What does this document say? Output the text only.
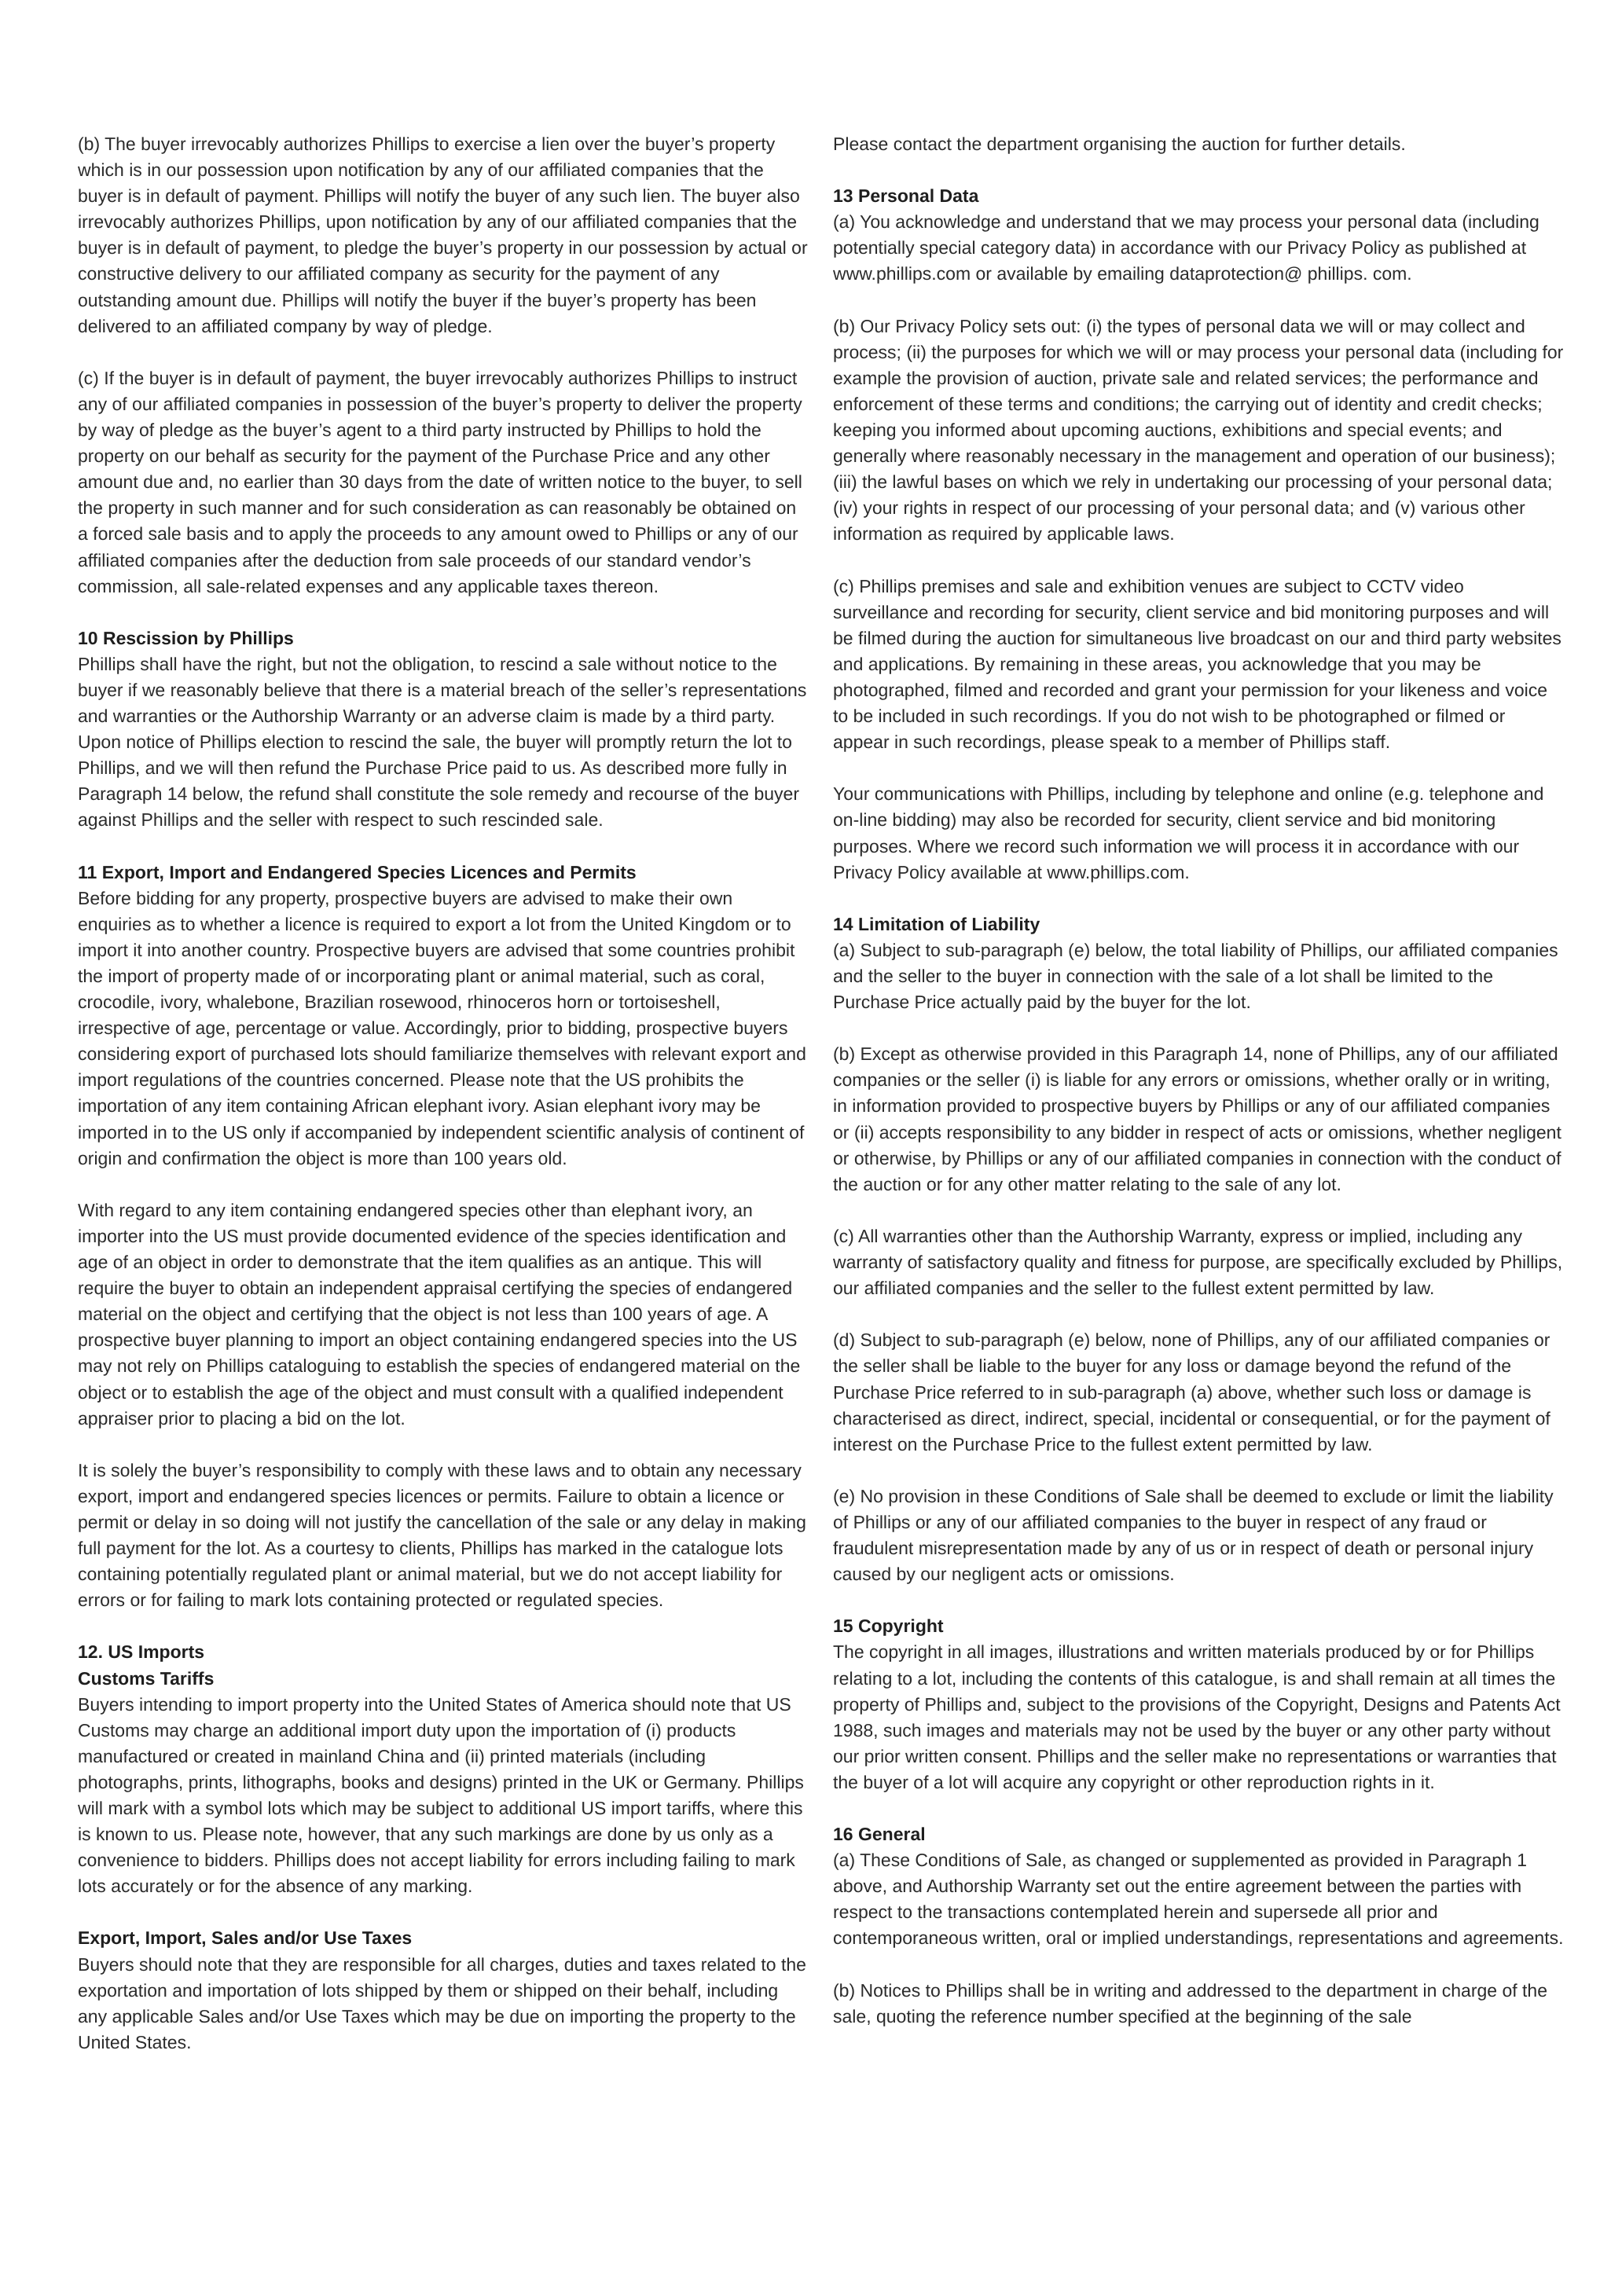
(b) The buyer irrevocably authorizes Phillips to exercise a lien over the buyer’s property which is in our possession upon notification by any of our affiliated companies that the buyer is in default of payment. Phillips will notify the buyer of any such lien. The buyer also irrevocably authorizes Phillips, upon notification by any of our affiliated companies that the buyer is in default of payment, to pledge the buyer’s property in our possession by actual or constructive delivery to our affiliated company as security for the payment of any outstanding amount due. Phillips will notify the buyer if the buyer’s property has been delivered to an affiliated company by way of pledge.

(c) If the buyer is in default of payment, the buyer irrevocably authorizes Phillips to instruct any of our affiliated companies in possession of the buyer’s property to deliver the property by way of pledge as the buyer’s agent to a third party instructed by Phillips to hold the property on our behalf as security for the payment of the Purchase Price and any other amount due and, no earlier than 30 days from the date of written notice to the buyer, to sell the property in such manner and for such consideration as can reasonably be obtained on a forced sale basis and to apply the proceeds to any amount owed to Phillips or any of our affiliated companies after the deduction from sale proceeds of our standard vendor’s commission, all sale-related expenses and any applicable taxes thereon.

10 Rescission by Phillips

Phillips shall have the right, but not the obligation, to rescind a sale without notice to the buyer if we reasonably believe that there is a material breach of the seller’s representations and warranties or the Authorship Warranty or an adverse claim is made by a third party. Upon notice of Phillips election to rescind the sale, the buyer will promptly return the lot to Phillips, and we will then refund the Purchase Price paid to us. As described more fully in Paragraph 14 below, the refund shall constitute the sole remedy and recourse of the buyer against Phillips and the seller with respect to such rescinded sale.

11 Export, Import and Endangered Species Licences and Permits

Before bidding for any property, prospective buyers are advised to make their own enquiries as to whether a licence is required to export a lot from the United Kingdom or to import it into another country. Prospective buyers are advised that some countries prohibit the import of property made of or incorporating plant or animal material, such as coral, crocodile, ivory, whalebone, Brazilian rosewood, rhinoceros horn or tortoiseshell, irrespective of age, percentage or value. Accordingly, prior to bidding, prospective buyers considering export of purchased lots should familiarize themselves with relevant export and import regulations of the countries concerned. Please note that the US prohibits the importation of any item containing African elephant ivory. Asian elephant ivory may be imported in to the US only if accompanied by independent scientific analysis of continent of origin and confirmation the object is more than 100 years old.

With regard to any item containing endangered species other than elephant ivory, an importer into the US must provide documented evidence of the species identification and age of an object in order to demonstrate that the item qualifies as an antique. This will require the buyer to obtain an independent appraisal certifying the species of endangered material on the object and certifying that the object is not less than 100 years of age. A prospective buyer planning to import an object containing endangered species into the US may not rely on Phillips cataloguing to establish the species of endangered material on the object or to establish the age of the object and must consult with a qualified independent appraiser prior to placing a bid on the lot.

It is solely the buyer’s responsibility to comply with these laws and to obtain any necessary export, import and endangered species licences or permits. Failure to obtain a licence or permit or delay in so doing will not justify the cancellation of the sale or any delay in making full payment for the lot. As a courtesy to clients, Phillips has marked in the catalogue lots containing potentially regulated plant or animal material, but we do not accept liability for errors or for failing to mark lots containing protected or regulated species.

12. US Imports

Customs Tariffs

Buyers intending to import property into the United States of America should note that US Customs may charge an additional import duty upon the importation of (i) products manufactured or created in mainland China and (ii) printed materials (including photographs, prints, lithographs, books and designs) printed in the UK or Germany. Phillips will mark with a symbol lots which may be subject to additional US import tariffs, where this is known to us. Please note, however, that any such markings are done by us only as a convenience to bidders. Phillips does not accept liability for errors including failing to mark lots accurately or for the absence of any marking.

Export, Import, Sales and/or Use Taxes

Buyers should note that they are responsible for all charges, duties and taxes related to the exportation and importation of lots shipped by them or shipped on their behalf, including any applicable Sales and/or Use Taxes which may be due on importing the property to the United States.

Please contact the department organising the auction for further details.

13 Personal Data

(a) You acknowledge and understand that we may process your personal data (including potentially special category data) in accordance with our Privacy Policy as published at www.phillips.com or available by emailing dataprotection@ phillips. com.

(b) Our Privacy Policy sets out: (i) the types of personal data we will or may collect and process; (ii) the purposes for which we will or may process your personal data (including for example the provision of auction, private sale and related services; the performance and enforcement of these terms and conditions; the carrying out of identity and credit checks; keeping you informed about upcoming auctions, exhibitions and special events; and generally where reasonably necessary in the management and operation of our business); (iii) the lawful bases on which we rely in undertaking our processing of your personal data; (iv) your rights in respect of our processing of your personal data; and (v) various other information as required by applicable laws.

(c) Phillips premises and sale and exhibition venues are subject to CCTV video surveillance and recording for security, client service and bid monitoring purposes and will be filmed during the auction for simultaneous live broadcast on our and third party websites and applications. By remaining in these areas, you acknowledge that you may be photographed, filmed and recorded and grant your permission for your likeness and voice to be included in such recordings. If you do not wish to be photographed or filmed or appear in such recordings, please speak to a member of Phillips staff.

Your communications with Phillips, including by telephone and online (e.g. telephone and on-line bidding) may also be recorded for security, client service and bid monitoring purposes. Where we record such information we will process it in accordance with our Privacy Policy available at www.phillips.com.

14 Limitation of Liability

(a) Subject to sub-paragraph (e) below, the total liability of Phillips, our affiliated companies and the seller to the buyer in connection with the sale of a lot shall be limited to the Purchase Price actually paid by the buyer for the lot.

(b) Except as otherwise provided in this Paragraph 14, none of Phillips, any of our affiliated companies or the seller (i) is liable for any errors or omissions, whether orally or in writing, in information provided to prospective buyers by Phillips or any of our affiliated companies or (ii) accepts responsibility to any bidder in respect of acts or omissions, whether negligent or otherwise, by Phillips or any of our affiliated companies in connection with the conduct of the auction or for any other matter relating to the sale of any lot.

(c) All warranties other than the Authorship Warranty, express or implied, including any warranty of satisfactory quality and fitness for purpose, are specifically excluded by Phillips, our affiliated companies and the seller to the fullest extent permitted by law.

(d) Subject to sub-paragraph (e) below, none of Phillips, any of our affiliated companies or the seller shall be liable to the buyer for any loss or damage beyond the refund of the Purchase Price referred to in sub-paragraph (a) above, whether such loss or damage is characterised as direct, indirect, special, incidental or consequential, or for the payment of interest on the Purchase Price to the fullest extent permitted by law.

(e) No provision in these Conditions of Sale shall be deemed to exclude or limit the liability of Phillips or any of our affiliated companies to the buyer in respect of any fraud or fraudulent misrepresentation made by any of us or in respect of death or personal injury caused by our negligent acts or omissions.

15 Copyright

The copyright in all images, illustrations and written materials produced by or for Phillips relating to a lot, including the contents of this catalogue, is and shall remain at all times the property of Phillips and, subject to the provisions of the Copyright, Designs and Patents Act 1988, such images and materials may not be used by the buyer or any other party without our prior written consent. Phillips and the seller make no representations or warranties that the buyer of a lot will acquire any copyright or other reproduction rights in it.

16 General

(a) These Conditions of Sale, as changed or supplemented as provided in Paragraph 1 above, and Authorship Warranty set out the entire agreement between the parties with respect to the transactions contemplated herein and supersede all prior and contemporaneous written, oral or implied understandings, representations and agreements.

(b) Notices to Phillips shall be in writing and addressed to the department in charge of the sale, quoting the reference number specified at the beginning of the sale
